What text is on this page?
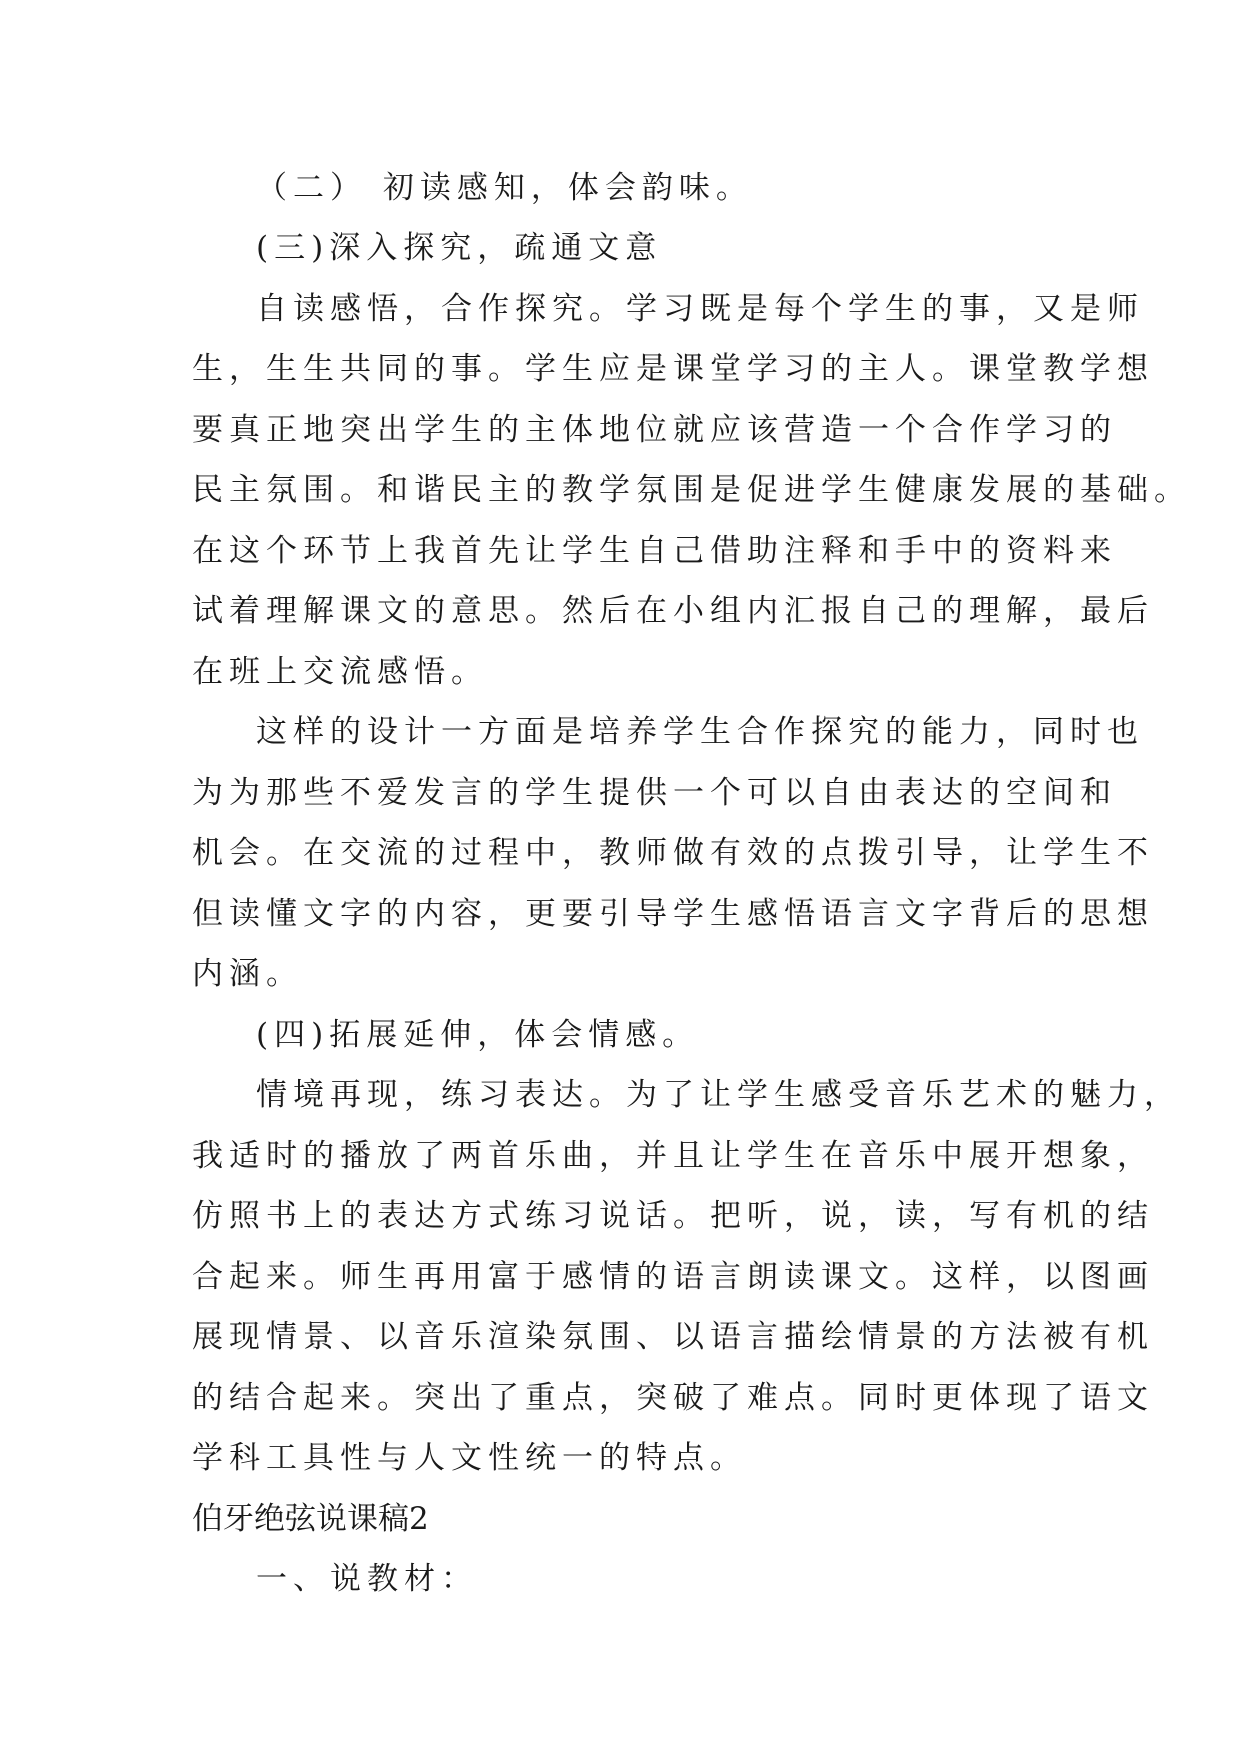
（二） 初读感知，体会韵味。
(三)深入探究，疏通文意
自读感悟，合作探究。学习既是每个学生的事，又是师
生，生生共同的事。学生应是课堂学习的主人。课堂教学想
要真正地突出学生的主体地位就应该营造一个合作学习的
民主氛围。和谐民主的教学氛围是促进学生健康发展的基础。
在这个环节上我首先让学生自己借助注释和手中的资料来
试着理解课文的意思。然后在小组内汇报自己的理解，最后
在班上交流感悟。
这样的设计一方面是培养学生合作探究的能力，同时也
为为那些不爱发言的学生提供一个可以自由表达的空间和
机会。在交流的过程中，教师做有效的点拨引导，让学生不
但读懂文字的内容，更要引导学生感悟语言文字背后的思想
内涵。
(四)拓展延伸，体会情感。
情境再现，练习表达。为了让学生感受音乐艺术的魅力，
我适时的播放了两首乐曲，并且让学生在音乐中展开想象，
仿照书上的表达方式练习说话。把听，说，读，写有机的结
合起来。师生再用富于感情的语言朗读课文。这样，以图画
展现情景、以音乐渲染氛围、以语言描绘情景的方法被有机
的结合起来。突出了重点，突破了难点。同时更体现了语文
学科工具性与人文性统一的特点。
伯牙绝弦说课稿2
一、说教材：
